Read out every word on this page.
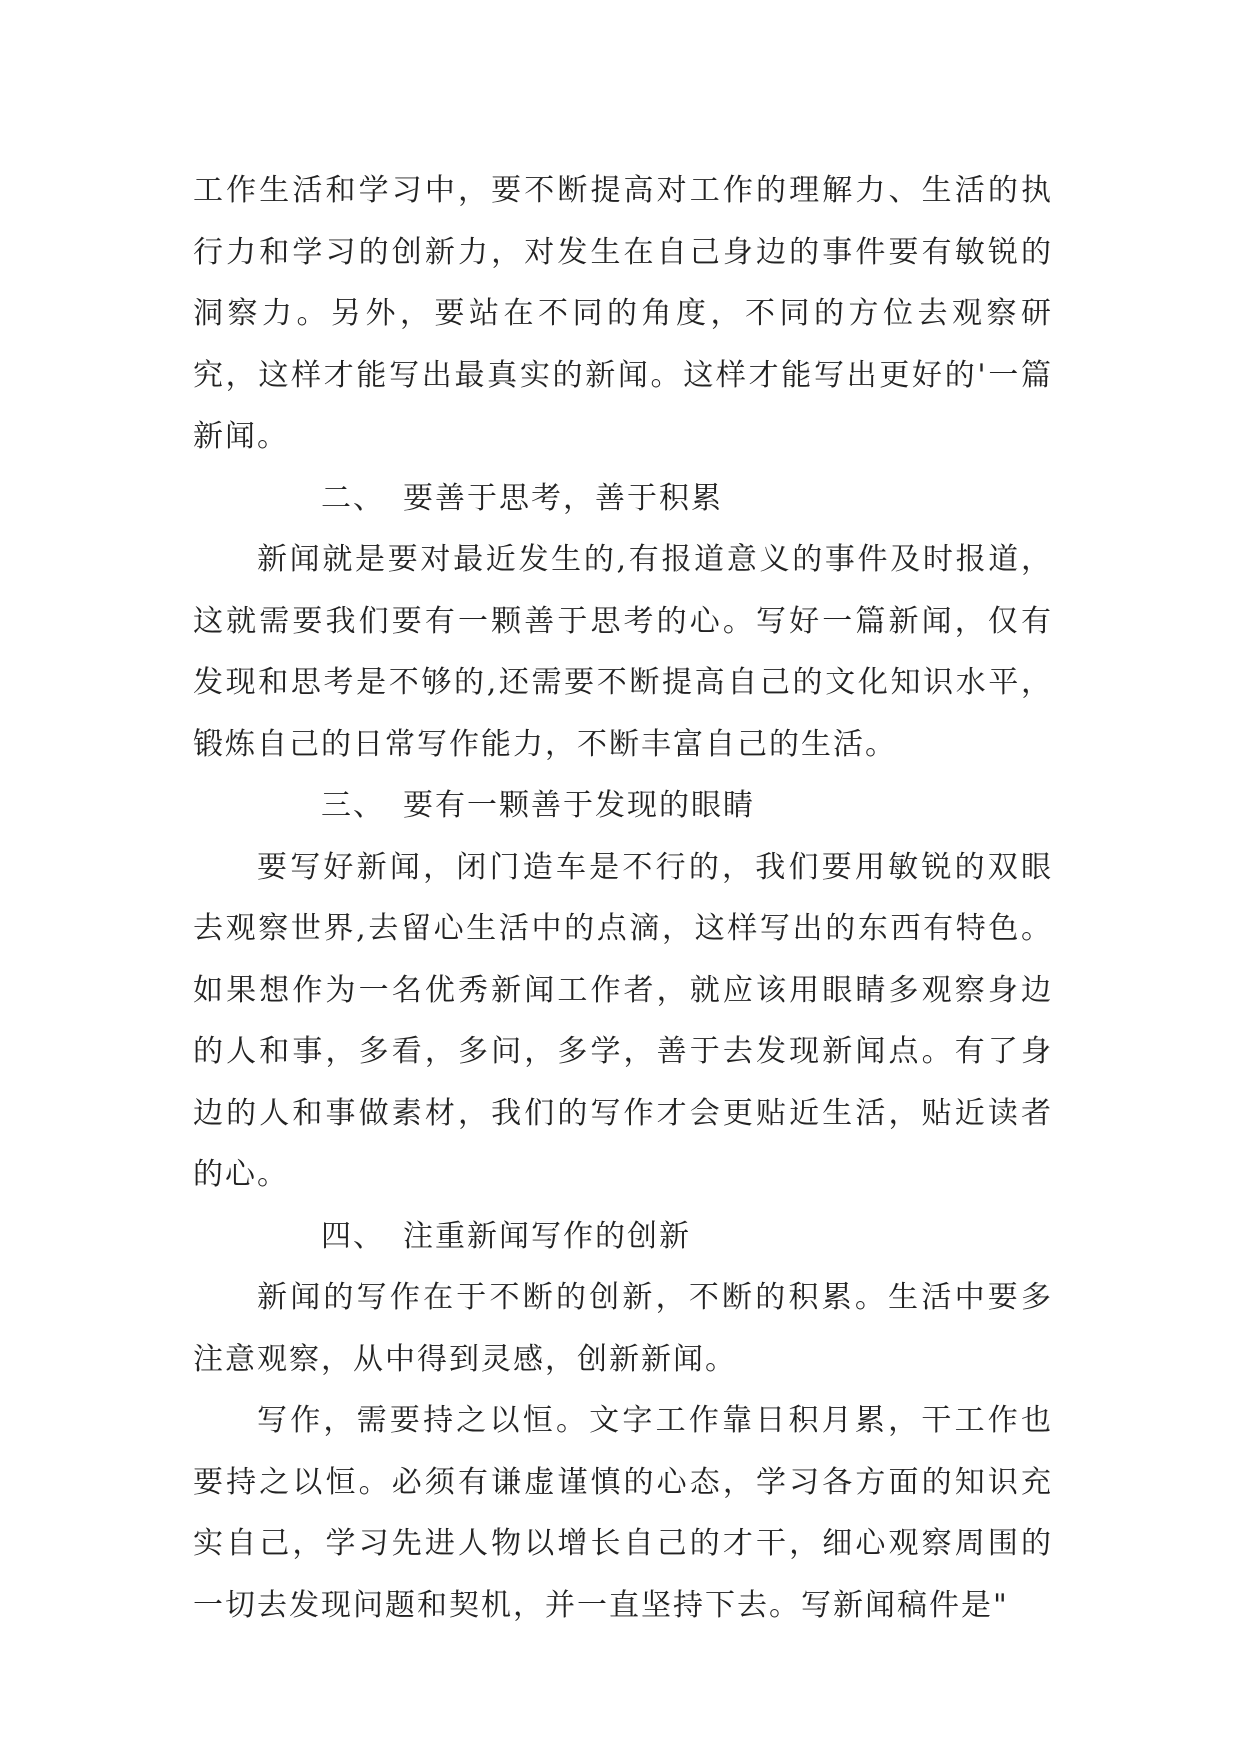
工作生活和学习中，要不断提高对工作的理解力、生活的执行力和学习的创新力，对发生在自己身边的事件要有敏锐的洞察力。另外，要站在不同的角度，不同的方位去观察研究，这样才能写出最真实的新闻。这样才能写出更好的'一篇新闻。

二、 要善于思考，善于积累

新闻就是要对最近发生的,有报道意义的事件及时报道，这就需要我们要有一颗善于思考的心。写好一篇新闻，仅有发现和思考是不够的,还需要不断提高自己的文化知识水平，锻炼自己的日常写作能力，不断丰富自己的生活。

三、 要有一颗善于发现的眼睛

要写好新闻，闭门造车是不行的，我们要用敏锐的双眼去观察世界,去留心生活中的点滴，这样写出的东西有特色。如果想作为一名优秀新闻工作者，就应该用眼睛多观察身边的人和事，多看，多问，多学，善于去发现新闻点。有了身边的人和事做素材，我们的写作才会更贴近生活，贴近读者的心。

四、 注重新闻写作的创新

新闻的写作在于不断的创新，不断的积累。生活中要多注意观察，从中得到灵感，创新新闻。

写作，需要持之以恒。文字工作靠日积月累，干工作也要持之以恒。必须有谦虚谨慎的心态，学习各方面的知识充实自己，学习先进人物以增长自己的才干，细心观察周围的一切去发现问题和契机，并一直坚持下去。写新闻稿件是"
